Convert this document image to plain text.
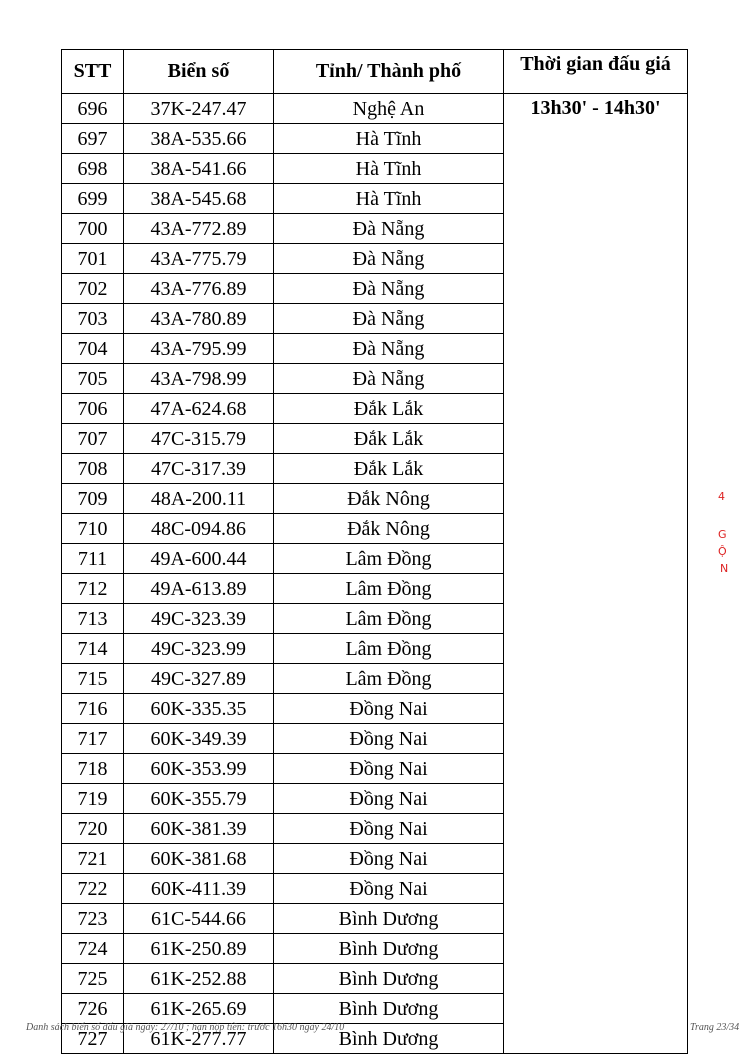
STT	Biển số	Tỉnh/ Thành phố	Thời gian đấu giá
696	37K-247.47	Nghệ An	13h30' - 14h30'

697	38A-535.66	Hà Tĩnh	
698	38A-541.66	Hà Tĩnh	
699	38A-545.68	Hà Tĩnh	
700	43A-772.89	Đà Nẵng	
701	43A-775.79	Đà Nẵng	
702	43A-776.89	Đà Nẵng	
703	43A-780.89	Đà Nẵng	
704	43A-795.99	Đà Nẵng	
705	43A-798.99	Đà Nẵng	
706	47A-624.68	Đắk Lắk	
707	47C-315.79	Đắk Lắk	
708	47C-317.39	Đắk Lắk	
709	48A-200.11	Đắk Nông	
710	48C-094.86	Đắk Nông	
711	49A-600.44	Lâm Đồng	
712	49A-613.89	Lâm Đồng	
713	49C-323.39	Lâm Đồng	
714	49C-323.99	Lâm Đồng	
715	49C-327.89	Lâm Đồng	
716	60K-335.35	Đồng Nai	
717	60K-349.39	Đồng Nai	
718	60K-353.99	Đồng Nai	
719	60K-355.79	Đồng Nai	
720	60K-381.39	Đồng Nai	
721	60K-381.68	Đồng Nai	
722	60K-411.39	Đồng Nai	
723	61C-544.66	Bình Dương	
724	61K-250.89	Bình Dương	
725	61K-252.88	Bình Dương	
726	61K-265.69	Bình Dương	
727	61K-277.77	Bình Dương	
4
G
Ộ
N
Danh sách biển số đấu giá ngày: 27/10 ; hạn nộp tiền: trước 16h30 ngày 24/10	Trang 23/34
